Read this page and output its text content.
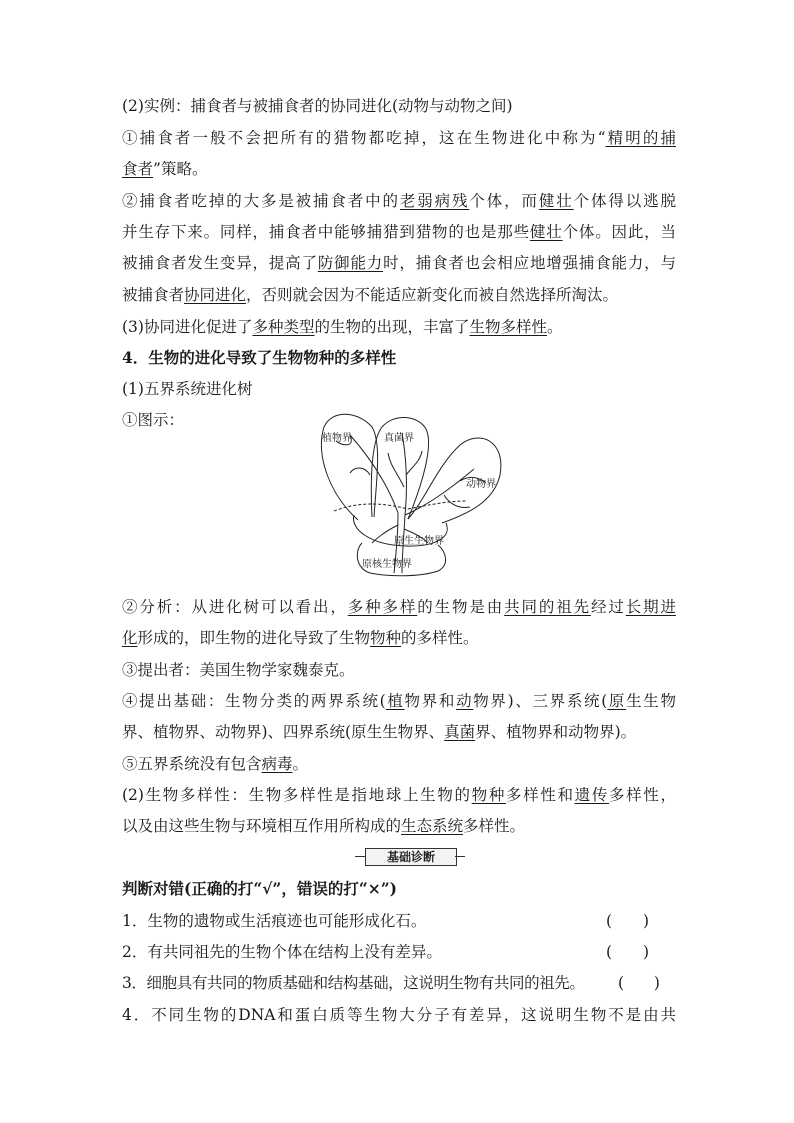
(2)实例：捕食者与被捕食者的协同进化(动物与动物之间)
①捕食者一般不会把所有的猎物都吃掉，这在生物进化中称为“精明的捕
食者”策略。
②捕食者吃掉的大多是被捕食者中的老弱病残个体，而健壮个体得以逃脱
并生存下来。同样，捕食者中能够捕猎到猎物的也是那些健壮个体。因此，当
被捕食者发生变异，提高了防御能力时，捕食者也会相应地增强捕食能力，与
被捕食者协同进化，否则就会因为不能适应新变化而被自然选择所淘汰。
(3)协同进化促进了多种类型的生物的出现，丰富了生物多样性。
4．生物的进化导致了生物物种的多样性
(1)五界系统进化树
①图示：
植物界	真菌界
动物界
原生生物界
原核生物界
②分析：从进化树可以看出，多种多样的生物是由共同的祖先经过长期进
化形成的，即生物的进化导致了生物物种的多样性。
③提出者：美国生物学家魏泰克。
④提出基础：生物分类的两界系统(植物界和动物界)、三界系统(原生生物
界、植物界、动物界)、四界系统(原生生物界、真菌界、植物界和动物界)。
⑤五界系统没有包含病毒。
(2)生物多样性：生物多样性是指地球上生物的物种多样性和遗传多样性，
以及由这些生物与环境相互作用所构成的生态系统多样性。
基础诊断
判断对错(正确的打“√”，错误的打“×”)
1．生物的遗物或生活痕迹也可能形成化石。	(　　)
2．有共同祖先的生物个体在结构上没有差异。	(　　)
3．细胞具有共同的物质基础和结构基础，这说明生物有共同的祖先。 (　　)
4．不同生物的DNA和蛋白质等生物大分子有差异，这说明生物不是由共
